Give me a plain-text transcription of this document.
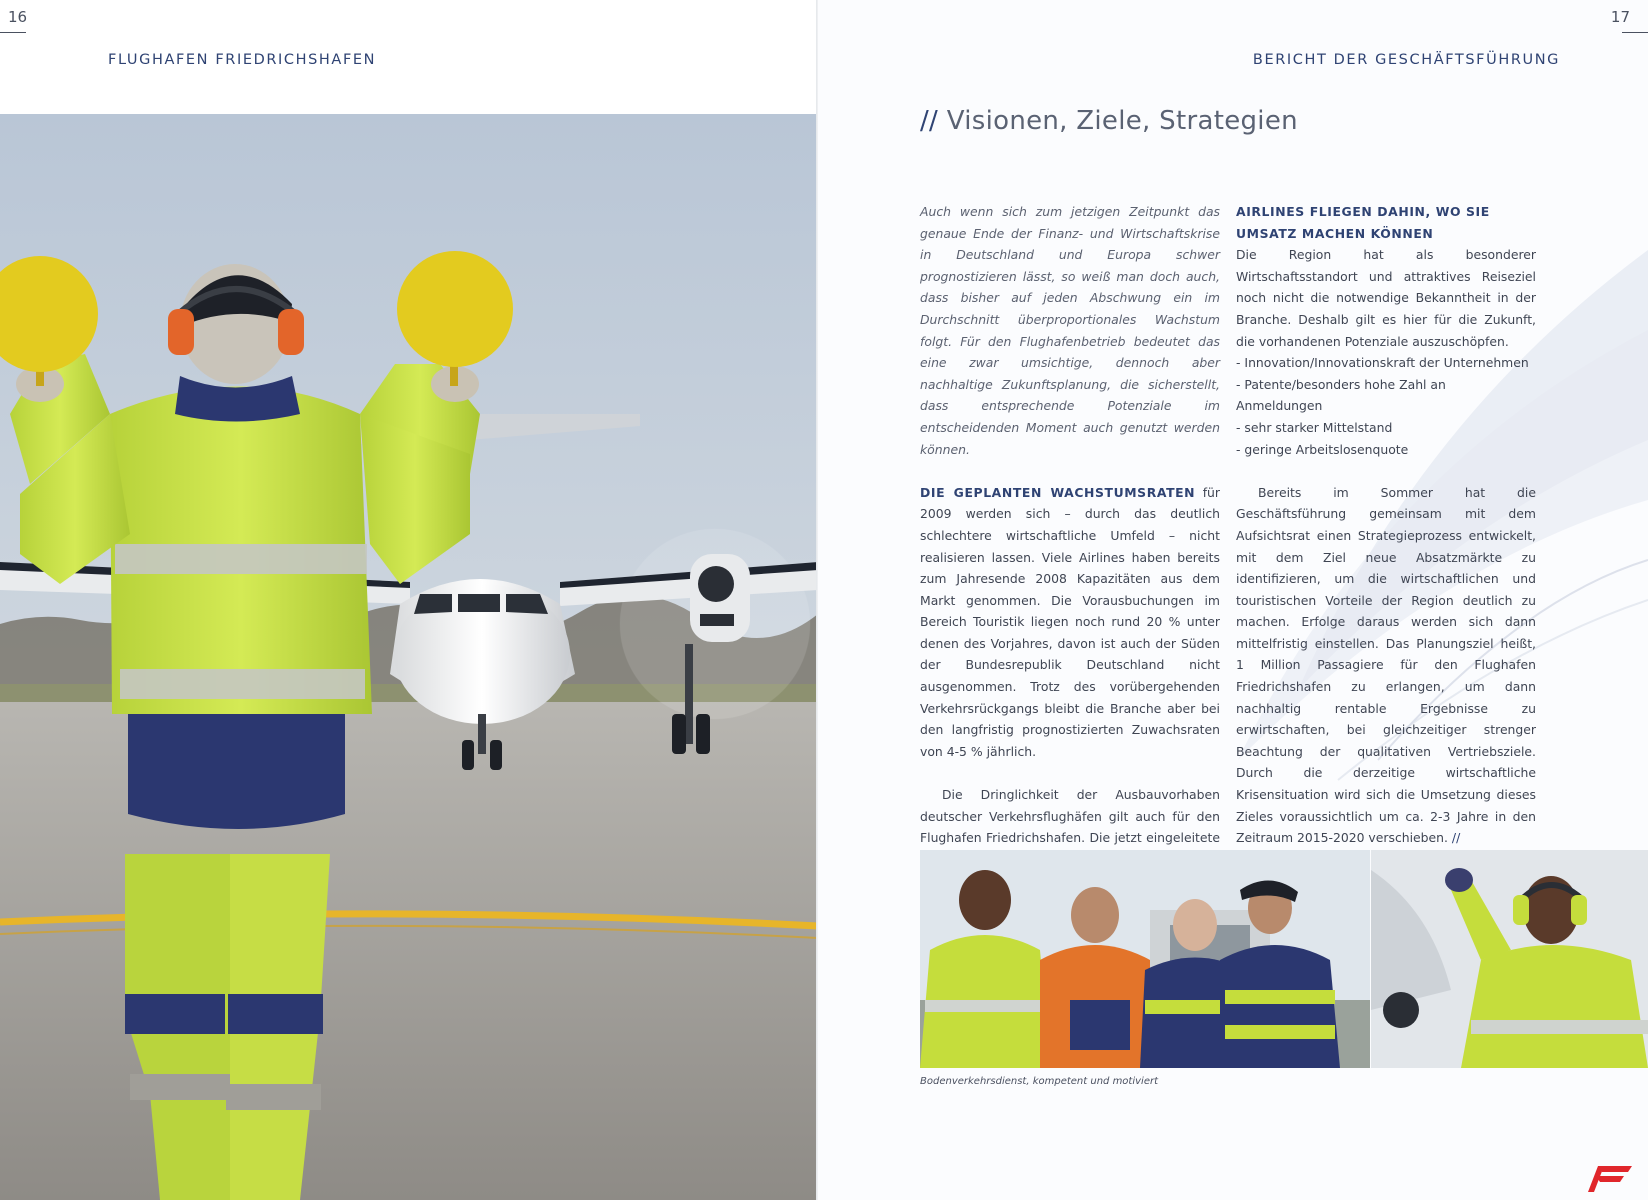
16
FLUGHAFEN FRIEDRICHSHAFEN
17
BERICHT DER GESCHÄFTSFÜHRUNG
// Visionen, Ziele, Strategien

Auch wenn sich zum jetzigen Zeitpunkt das genaue Ende der Finanz- und Wirtschaftskrise in Deutschland und Europa schwer prognostizieren lässt, so weiß man doch auch, dass bisher auf jeden Abschwung ein im Durchschnitt überproportionales Wachstum folgt. Für den Flughafenbetrieb bedeutet das eine zwar umsichtige, dennoch aber nachhaltige Zukunftsplanung, die sicherstellt, dass entsprechende Potenziale im entscheidenden Moment auch genutzt werden können.

DIE GEPLANTEN WACHSTUMSRATEN für 2009 werden sich – durch das deutlich schlechtere wirtschaftliche Umfeld – nicht realisieren lassen. Viele Airlines haben bereits zum Jahresende 2008 Kapazitäten aus dem Markt genommen. Die Vorausbuchungen im Bereich Touristik liegen noch rund 20 % unter denen des Vorjahres, davon ist auch der Süden der Bundesrepublik Deutschland nicht ausgenommen. Trotz des vorübergehenden Verkehrsrückgangs bleibt die Branche aber bei den langfristig prognostizierten Zuwachsraten von 4-5 % jährlich.

Die Dringlichkeit der Ausbauvorhaben deutscher Verkehrsflughäfen gilt auch für den Flughafen Friedrichshafen. Die jetzt eingeleitete

AIRLINES FLIEGEN DAHIN, WO SIE UMSATZ MACHEN KÖNNEN

Die Region hat als besonderer Wirtschaftsstandort und attraktives Reiseziel noch nicht die notwendige Bekanntheit in der Branche. Deshalb gilt es hier für die Zukunft, die vorhandenen Potenziale auszuschöpfen.

- Innovation/Innovationskraft der Unternehmen
- Patente/besonders hohe Zahl an Anmeldungen
- sehr starker Mittelstand
- geringe Arbeitslosenquote

Bereits im Sommer hat die Geschäftsführung gemeinsam mit dem Aufsichtsrat einen Strategieprozess entwickelt, mit dem Ziel neue Absatzmärkte zu identifizieren, um die wirtschaftlichen und touristischen Vorteile der Region deutlich zu machen. Erfolge daraus werden sich dann mittelfristig einstellen. Das Planungsziel heißt, 1 Million Passagiere für den Flughafen Friedrichshafen zu erlangen, um dann nachhaltig rentable Ergebnisse zu erwirtschaften, bei gleichzeitiger strenger Beachtung der qualitativen Vertriebsziele. Durch die derzeitige wirtschaftliche Krisensituation wird sich die Umsetzung dieses Zieles voraussichtlich um ca. 2-3 Jahre in den Zeitraum 2015-2020 verschieben. //

Bodenverkehrsdienst, kompetent und motiviert
